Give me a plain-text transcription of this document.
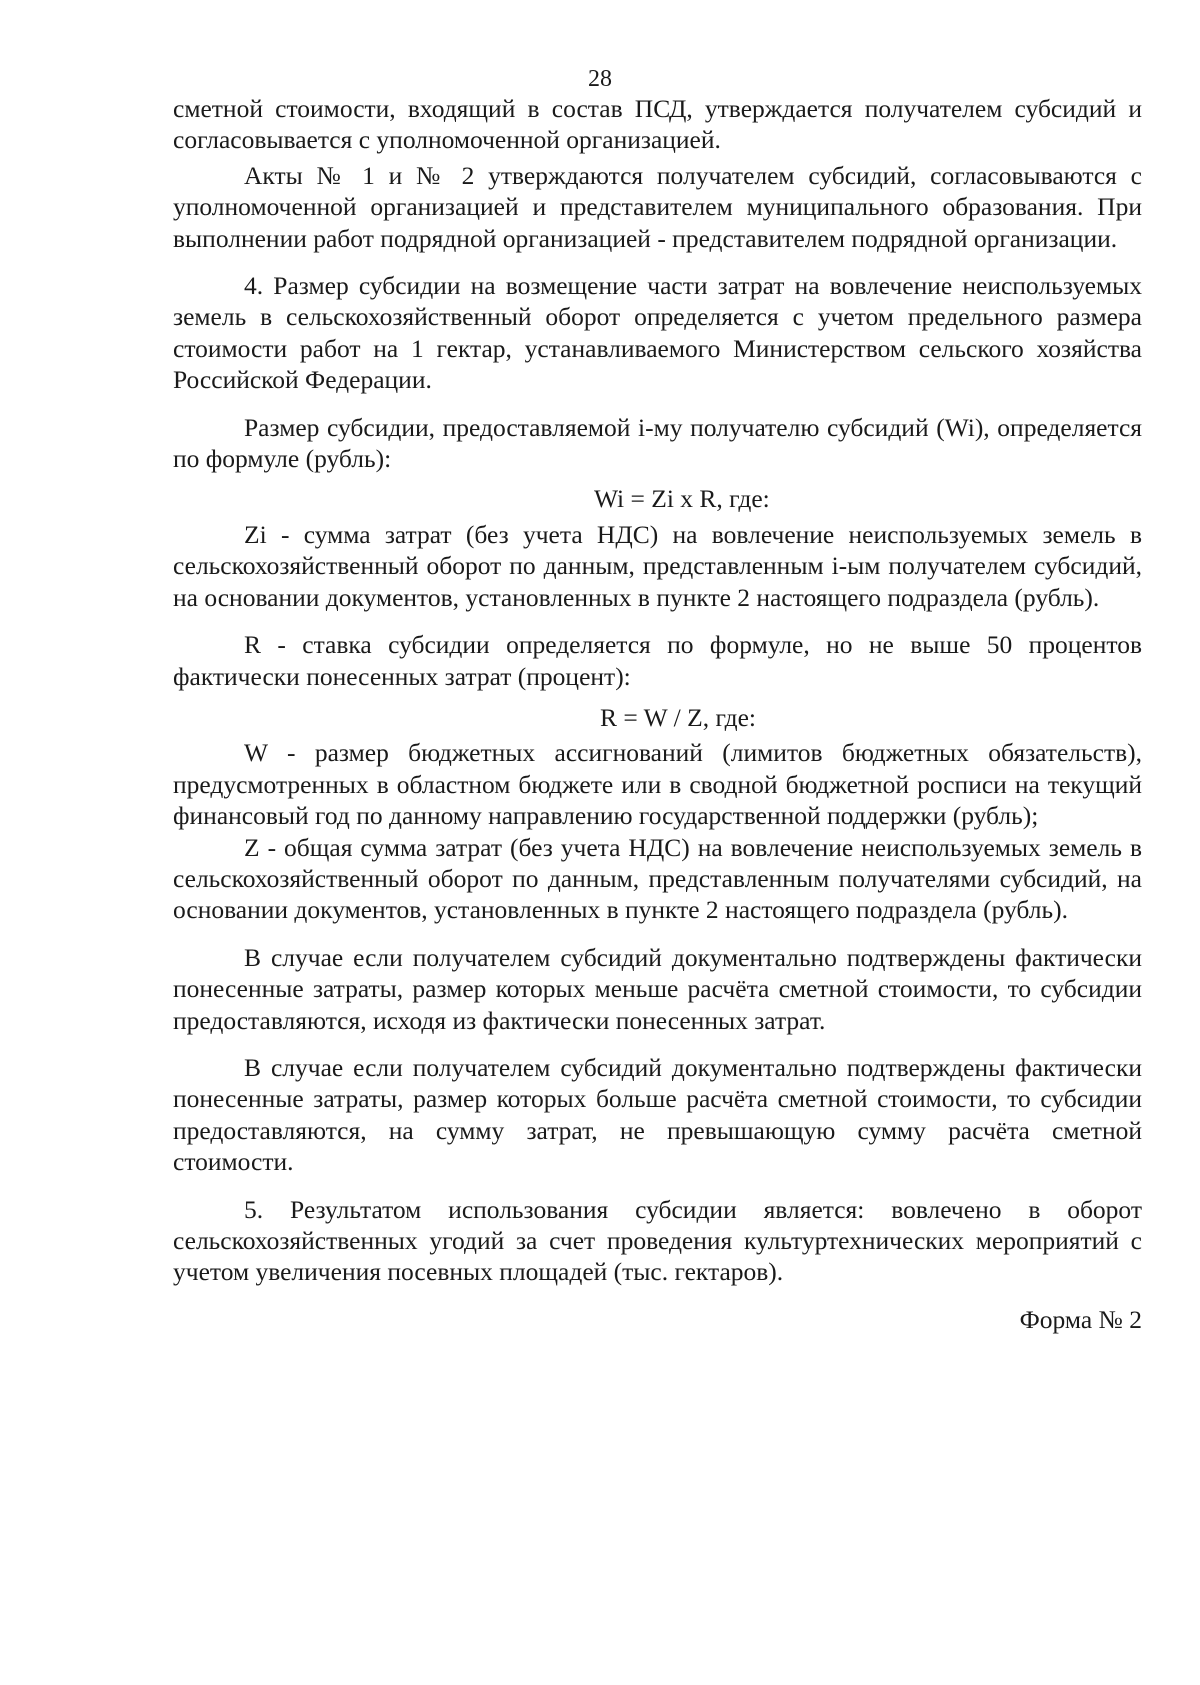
28

сметной стоимости, входящий в состав ПСД, утверждается получателем субсидий и согласовывается с уполномоченной организацией.

Акты № 1 и № 2 утверждаются получателем субсидий, согласовываются с уполномоченной организацией и представителем муниципального образования. При выполнении работ подрядной организацией - представителем подрядной организации.

4. Размер субсидии на возмещение части затрат на вовлечение неиспользуемых земель в сельскохозяйственный оборот определяется с учетом предельного размера стоимости работ на 1 гектар, устанавливаемого Министерством сельского хозяйства Российской Федерации.

Размер субсидии, предоставляемой i-му получателю субсидий (Wi), определяется по формуле (рубль):

Wi = Zi x R, где:

Zi - сумма затрат (без учета НДС) на вовлечение неиспользуемых земель в сельскохозяйственный оборот по данным, представленным i-ым получателем субсидий, на основании документов, установленных в пункте 2 настоящего подраздела (рубль).

R - ставка субсидии определяется по формуле, но не выше 50 процентов фактически понесенных затрат (процент):

R = W / Z, где:

W - размер бюджетных ассигнований (лимитов бюджетных обязательств), предусмотренных в областном бюджете или в сводной бюджетной росписи на текущий финансовый год по данному направлению государственной поддержки (рубль);

Z - общая сумма затрат (без учета НДС) на вовлечение неиспользуемых земель в сельскохозяйственный оборот по данным, представленным получателями субсидий, на основании документов, установленных в пункте 2 настоящего подраздела (рубль).

В случае если получателем субсидий документально подтверждены фактически понесенные затраты, размер которых меньше расчёта сметной стоимости, то субсидии предоставляются, исходя из фактически понесенных затрат.

В случае если получателем субсидий документально подтверждены фактически понесенные затраты, размер которых больше расчёта сметной стоимости, то субсидии предоставляются, на сумму затрат, не превышающую сумму расчёта сметной стоимости.

5. Результатом использования субсидии является: вовлечено в оборот сельскохозяйственных угодий за счет проведения культуртехнических мероприятий с учетом увеличения посевных площадей (тыс. гектаров).

Форма № 2
